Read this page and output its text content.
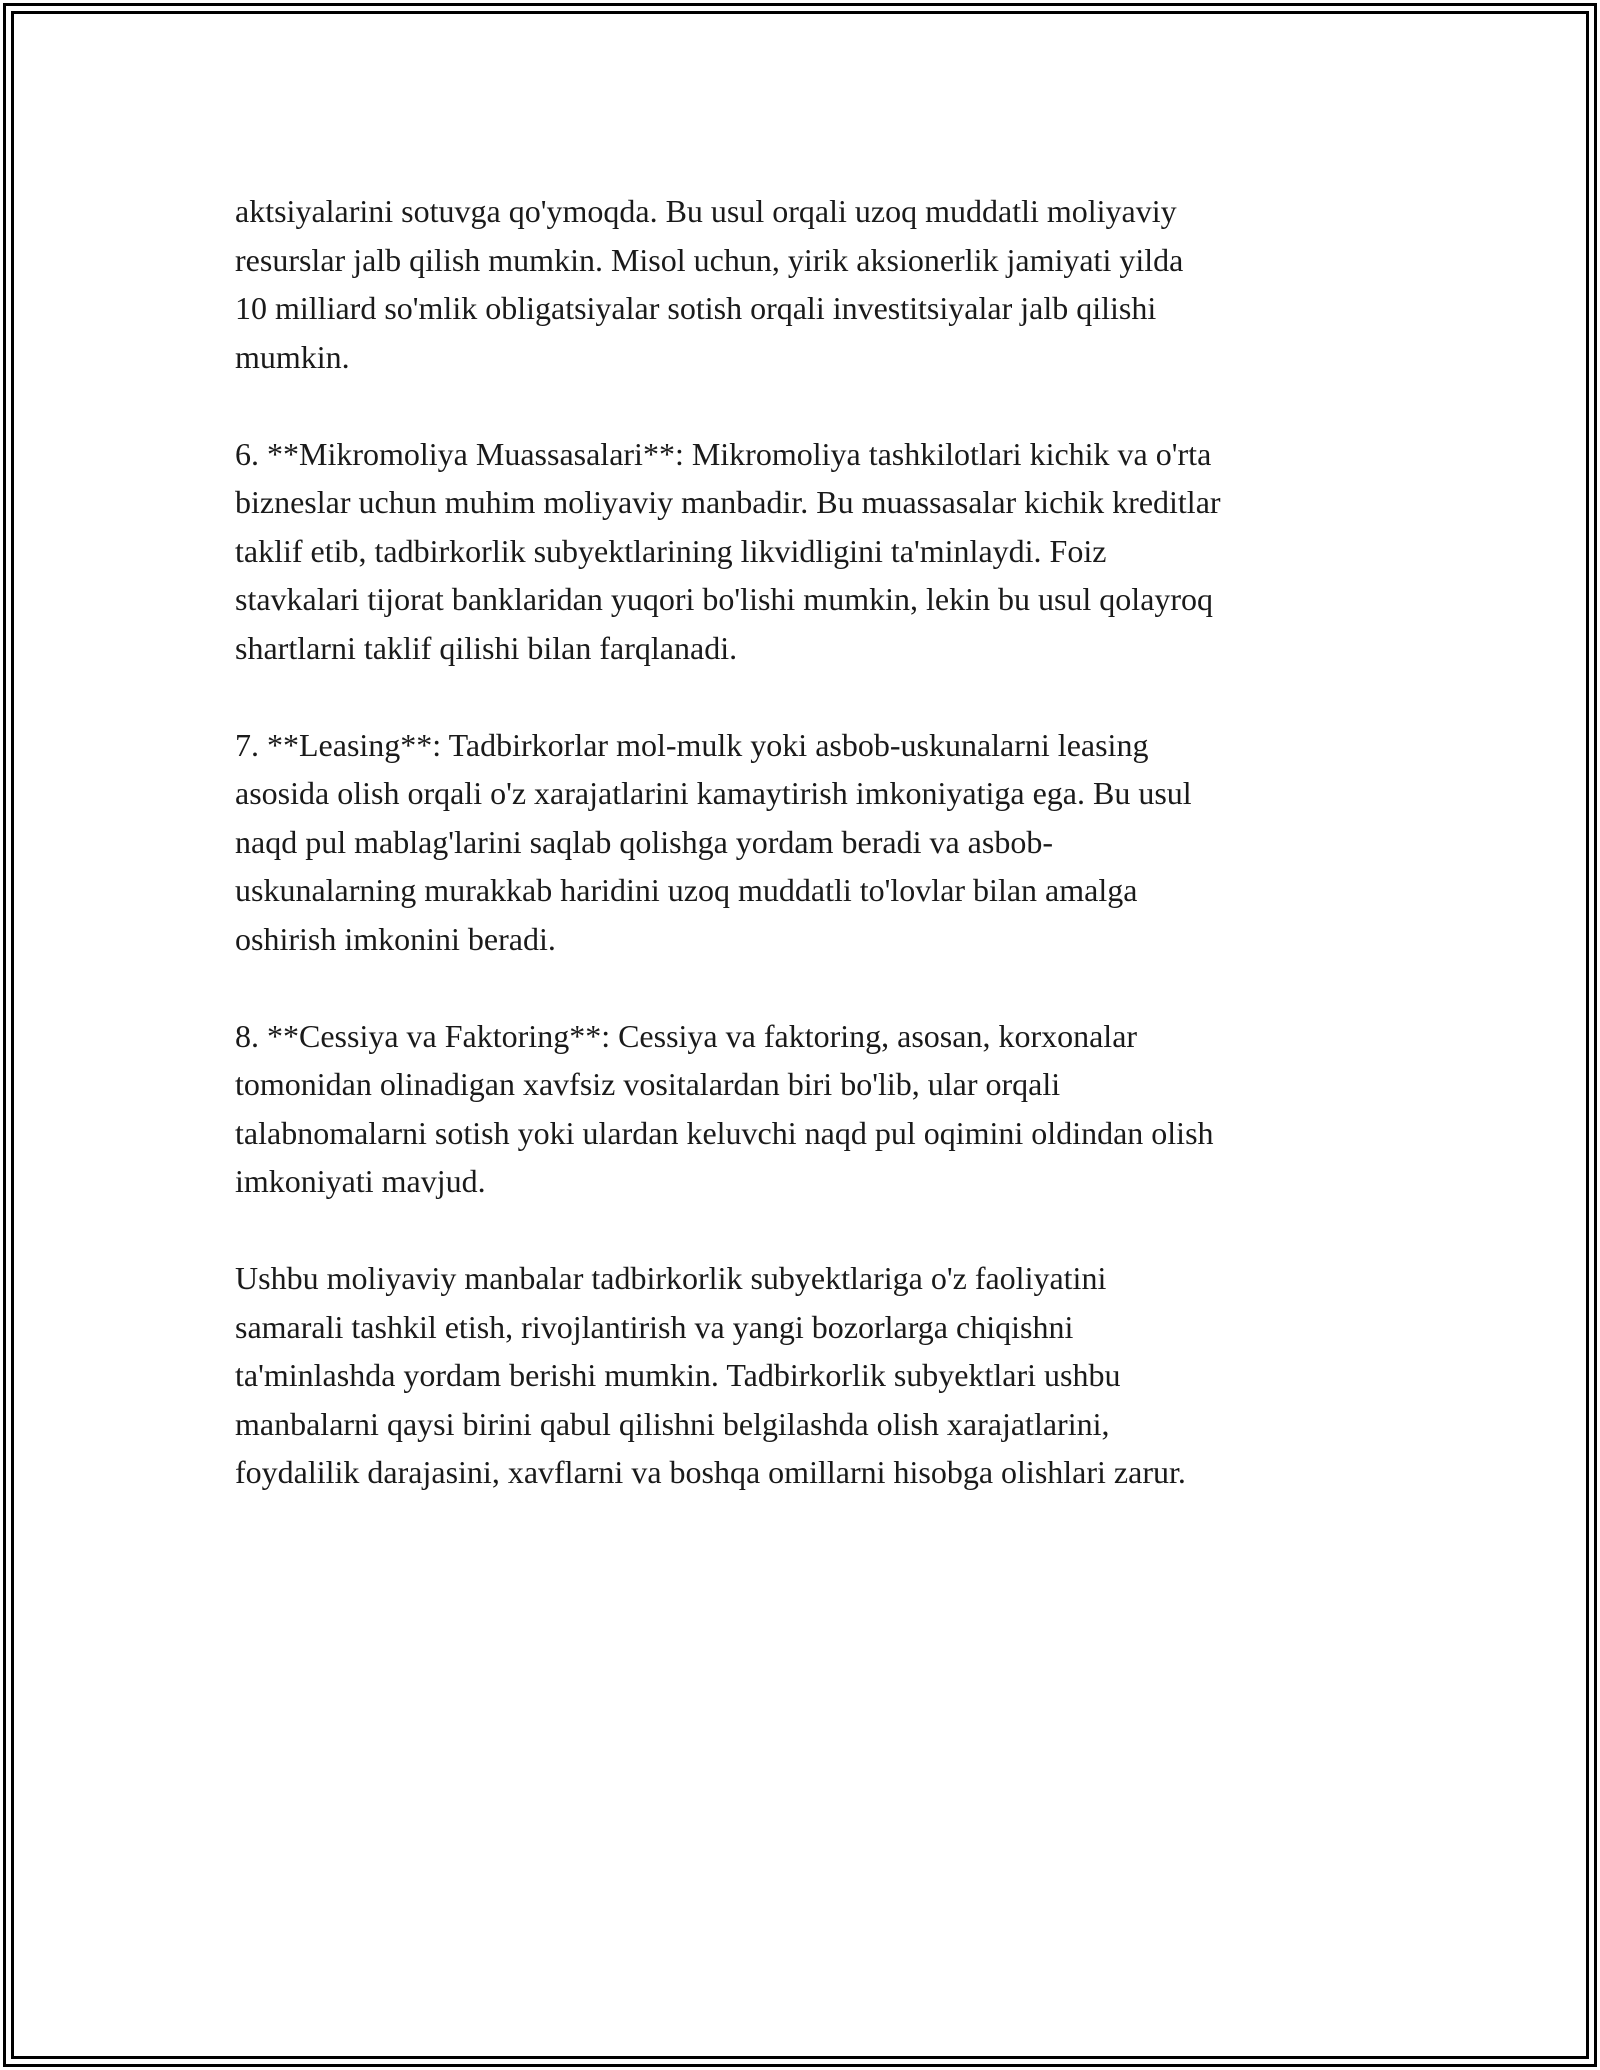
aktsiyalarini sotuvga qo'ymoqda. Bu usul orqali uzoq muddatli moliyaviy
resurslar jalb qilish mumkin. Misol uchun, yirik aksionerlik jamiyati yilda
10 milliard so'mlik obligatsiyalar sotish orqali investitsiyalar jalb qilishi
mumkin.

6. **Mikromoliya Muassasalari**: Mikromoliya tashkilotlari kichik va o'rta
bizneslar uchun muhim moliyaviy manbadir. Bu muassasalar kichik kreditlar
taklif etib, tadbirkorlik subyektlarining likvidligini ta'minlaydi. Foiz
stavkalari tijorat banklaridan yuqori bo'lishi mumkin, lekin bu usul qolayroq
shartlarni taklif qilishi bilan farqlanadi.

7. **Leasing**: Tadbirkorlar mol-mulk yoki asbob-uskunalarni leasing
asosida olish orqali o'z xarajatlarini kamaytirish imkoniyatiga ega. Bu usul
naqd pul mablag'larini saqlab qolishga yordam beradi va asbob-
uskunalarning murakkab haridini uzoq muddatli to'lovlar bilan amalga
oshirish imkonini beradi.

8. **Cessiya va Faktoring**: Cessiya va faktoring, asosan, korxonalar
tomonidan olinadigan xavfsiz vositalardan biri bo'lib, ular orqali
talabnomalarni sotish yoki ulardan keluvchi naqd pul oqimini oldindan olish
imkoniyati mavjud.

Ushbu moliyaviy manbalar tadbirkorlik subyektlariga o'z faoliyatini
samarali tashkil etish, rivojlantirish va yangi bozorlarga chiqishni
ta'minlashda yordam berishi mumkin. Tadbirkorlik subyektlari ushbu
manbalarni qaysi birini qabul qilishni belgilashda olish xarajatlarini,
foydalilik darajasini, xavflarni va boshqa omillarni hisobga olishlari zarur.
